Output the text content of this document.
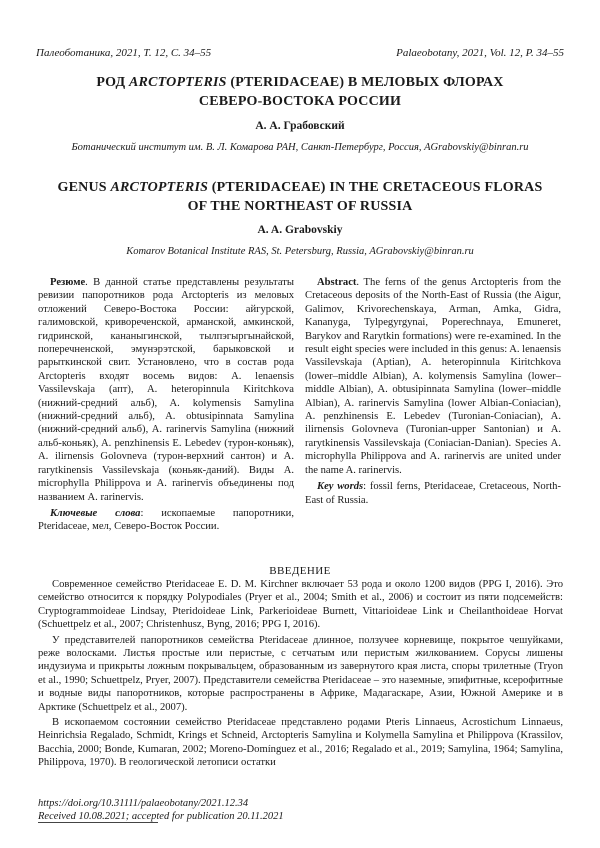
Палеоботаника, 2021, Т. 12, С. 34–55	Palaeobotany, 2021, Vol. 12, P. 34–55
РОД ARCTOPTERIS (PTERIDACEAE) В МЕЛОВЫХ ФЛОРАХ
СЕВЕРО-ВОСТОКА РОССИИ
А. А. Грабовский
Ботанический институт им. В. Л. Комарова РАН, Санкт-Петербург, Россия, AGrabovskiy@binran.ru
GENUS ARCTOPTERIS (PTERIDACEAE) IN THE CRETACEOUS FLORAS
OF THE NORTHEAST OF RUSSIA
A. A. Grabovskiy
Komarov Botanical Institute RAS, St. Petersburg, Russia, AGrabovskiy@binran.ru

Резюме. В данной статье представлены результаты ревизии папоротников рода Arctopteris из меловых отложений Северо-Востока России: айгурской, галимовской, кривореченской, арманской, амкинской, гидринской, кананыгинской, тылпэгыргынайской, поперечненской, эмунэрэтской, барыковской и рарыткинской свит. Установлено, что в состав рода Arctopteris входят восемь видов: A. lenaensis Vassilevskaja (апт), A. heteropinnula Kiritchkova (нижний-средний альб), A. kolymensis Samylina (нижний-средний альб), A. obtusipinnata Samylina (нижний-средний альб), A. rarinervis Samylina (нижний альб-коньяк), A. penzhinensis E. Lebedev (турон-коньяк), A. ilirnensis Golovneva (турон-верхний сантон) и A. rarytkinensis Vassilevskaja (коньяк-даний). Виды A. microphylla Philippova и A. rarinervis объединены под названием A. rarinervis.

Ключевые слова: ископаемые папоротники, Pteridaceae, мел, Северо-Восток России.

Abstract. The ferns of the genus Arctopteris from the Cretaceous deposits of the North-East of Russia (the Aigur, Galimov, Krivorechenskaya, Arman, Amka, Gidra, Kananyga, Tylpegyrgynai, Poperechnaya, Emuneret, Barykov and Rarytkin formations) were re-examined. In the result eight species were included in this genus: A. lenaensis Vassilevskaja (Aptian), A. heteropinnula Kiritchkova (lower–middle Albian), A. kolymensis Samylina (lower–middle Albian), A. obtusipinnata Samylina (lower–middle Albian), A. rarinervis Samylina (lower Albian-Coniacian), A. penzhinensis E. Lebedev (Turonian-Coniacian), A. ilirnensis Golovneva (Turonian-upper Santonian) и A. rarytkinensis Vassilevskaja (Coniacian-Danian). Species A. microphylla Philippova and A. rarinervis are united under the name A. rarinervis.

Key words: fossil ferns, Pteridaceae, Cretaceous, North-East of Russia.

ВВЕДЕНИЕ

Современное семейство Pteridaceae E. D. M. Kirchner включает 53 рода и около 1200 видов (PPG I, 2016). Это семейство относится к порядку Polypodiales (Pryer et al., 2004; Smith et al., 2006) и состоит из пяти подсемейств: Cryptogrammoideae Lindsay, Pteridoideae Link, Parkerioideae Burnett, Vittarioideae Link и Cheilanthoideae Horvat (Schuettpelz et al., 2007; Christenhusz, Byng, 2016; PPG I, 2016).

У представителей папоротников семейства Pteridaceae длинное, ползучее корневище, покрытое чешуйками, реже волосками. Листья простые или перистые, с сетчатым или перистым жилкованием. Сорусы лишены индузиума и прикрыты ложным покрывальцем, образованным из завернутого края листа, споры трилетные (Tryon et al., 1990; Schuettpelz, Pryer, 2007). Представители семейства Pteridaceae – это наземные, эпифитные, ксерофитные и водные виды папоротников, которые распространены в Африке, Мадагаскаре, Азии, Южной Америке и в Арктике (Schuettpelz et al., 2007).

В ископаемом состоянии семейство Pteridaceae представлено родами Pteris Linnaeus, Acrostichum Linnaeus, Heinrichsia Regalado, Schmidt, Krings et Schneid, Arctopteris Samylina и Kolymella Samylina et Philippova (Krassilov, Bacchia, 2000; Bonde, Kumaran, 2002; Moreno-Domínguez et al., 2016; Regalado et al., 2019; Samylina, 1964; Samylina, Philippova, 1970). В геологической летописи остатки

https://doi.org/10.31111/palaeobotany/2021.12.34
Received 10.08.2021; accepted for publication 20.11.2021
